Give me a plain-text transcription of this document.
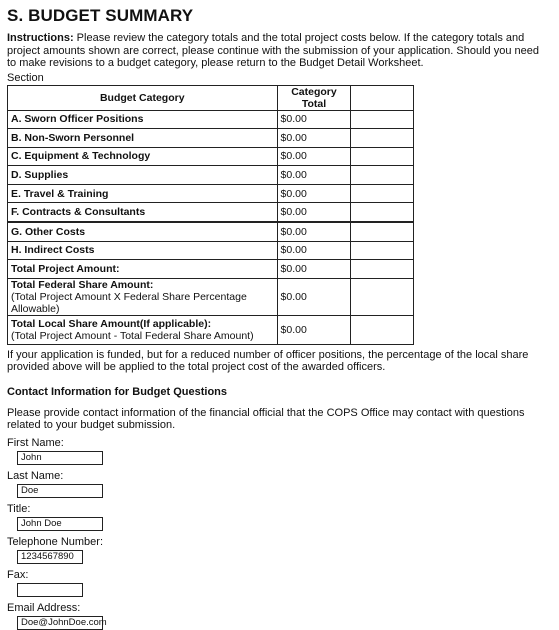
S. BUDGET SUMMARY

Instructions: Please review the category totals and the total project costs below. If the category totals and project amounts shown are correct, please continue with the submission of your application. Should you need to make revisions to a budget category, please return to the Budget Detail Worksheet.

Section
Budget Category	Category Total	
A. Sworn Officer Positions	$0.00	
B. Non-Sworn Personnel	$0.00	
C. Equipment & Technology	$0.00	
D. Supplies	$0.00	
E. Travel & Training	$0.00	
F. Contracts & Consultants	$0.00	
G. Other Costs	$0.00	
H. Indirect Costs	$0.00	
Total Project Amount:	$0.00	

Total Federal Share Amount:
(Total Project Amount X Federal Share Percentage Allowable)	$0.00	

Total Local Share Amount(If applicable):
(Total Project Amount - Total Federal Share Amount)	$0.00	

If your application is funded, but for a reduced number of officer positions, the percentage of the local share provided above will be applied to the total project cost of the awarded officers.

Contact Information for Budget Questions

Please provide contact information of the financial official that the COPS Office may contact with questions related to your budget submission.

First Name:
John
Last Name:
Doe
Title:
John Doe
Telephone Number:
1234567890
Fax:
Email Address:
Doe@JohnDoe.com
